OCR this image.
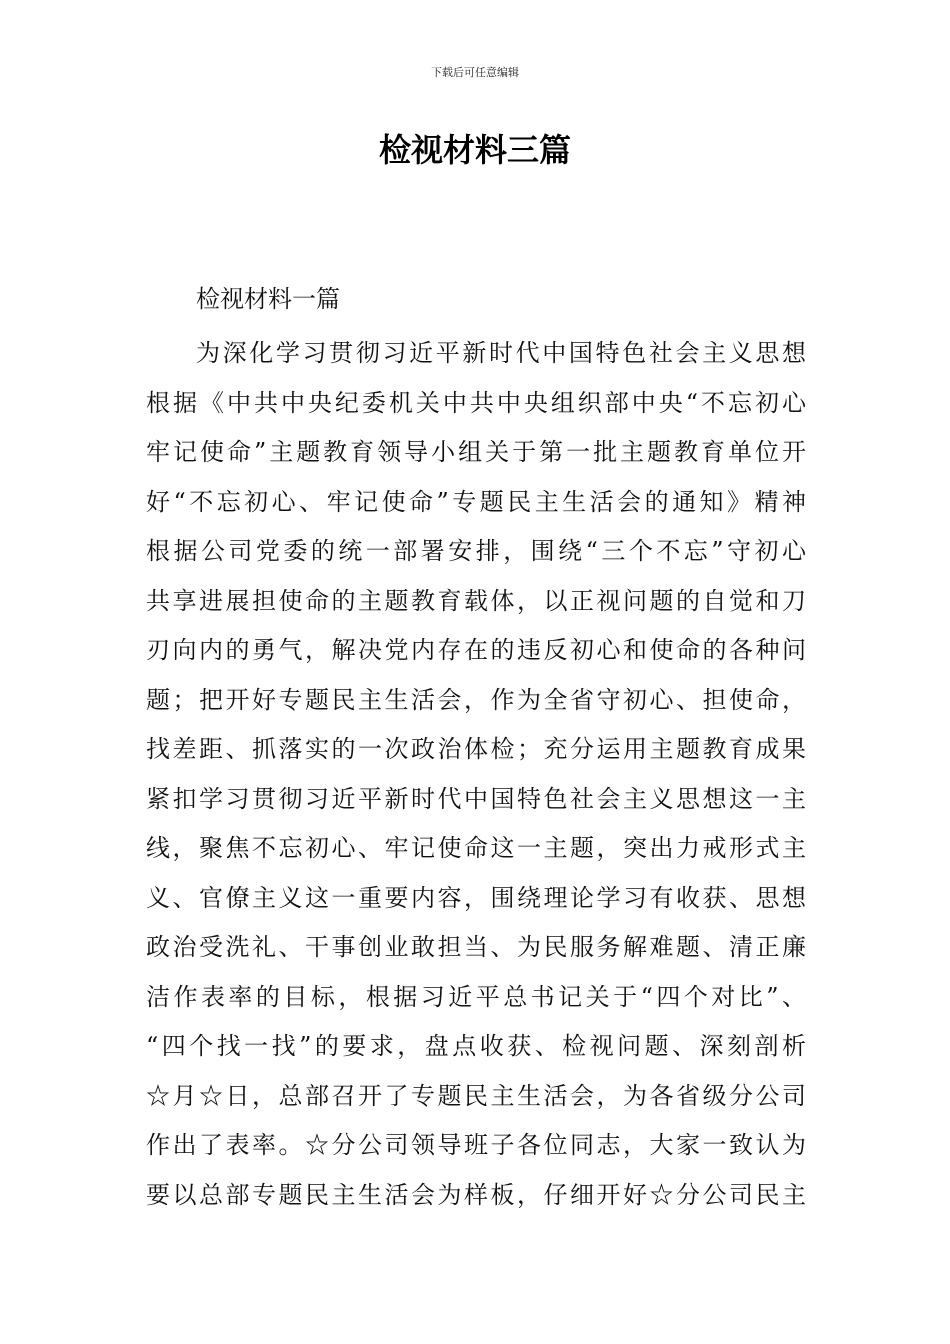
下载后可任意编辑
检视材料三篇
检视材料一篇
为深化学习贯彻习近平新时代中国特色社会主义思想
根据《中共中央纪委机关中共中央组织部中央“不忘初心
牢记使命”主题教育领导小组关于第一批主题教育单位开
好“不忘初心、牢记使命”专题民主生活会的通知》精神
根据公司党委的统一部署安排，围绕“三个不忘”守初心
共享进展担使命的主题教育载体，以正视问题的自觉和刀
刃向内的勇气，解决党内存在的违反初心和使命的各种问
题；把开好专题民主生活会，作为全省守初心、担使命，
找差距、抓落实的一次政治体检；充分运用主题教育成果
紧扣学习贯彻习近平新时代中国特色社会主义思想这一主
线，聚焦不忘初心、牢记使命这一主题，突出力戒形式主
义、官僚主义这一重要内容，围绕理论学习有收获、思想
政治受洗礼、干事创业敢担当、为民服务解难题、清正廉
洁作表率的目标，根据习近平总书记关于“四个对比”、
“四个找一找”的要求，盘点收获、检视问题、深刻剖析
☆月☆日，总部召开了专题民主生活会，为各省级分公司
作出了表率。☆分公司领导班子各位同志，大家一致认为
要以总部专题民主生活会为样板，仔细开好☆分公司民主
